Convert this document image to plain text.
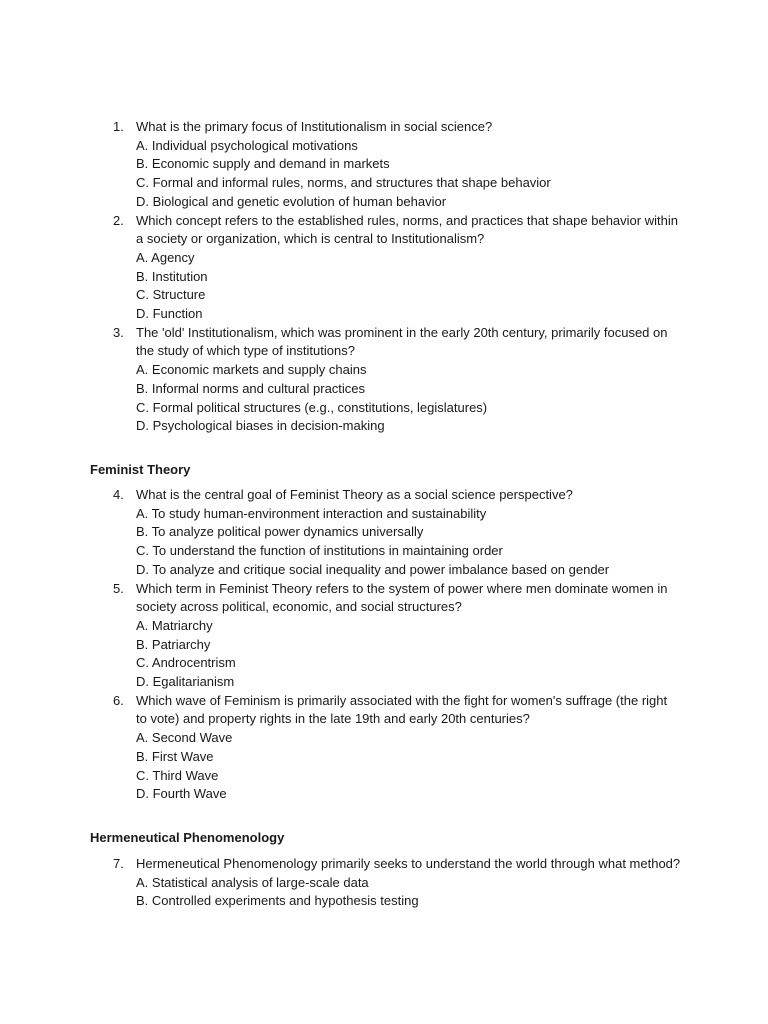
1. What is the primary focus of Institutionalism in social science?
A. Individual psychological motivations
B. Economic supply and demand in markets
C. Formal and informal rules, norms, and structures that shape behavior
D. Biological and genetic evolution of human behavior
2. Which concept refers to the established rules, norms, and practices that shape behavior within a society or organization, which is central to Institutionalism?
A. Agency
B. Institution
C. Structure
D. Function
3. The 'old' Institutionalism, which was prominent in the early 20th century, primarily focused on the study of which type of institutions?
A. Economic markets and supply chains
B. Informal norms and cultural practices
C. Formal political structures (e.g., constitutions, legislatures)
D. Psychological biases in decision-making
Feminist Theory
4. What is the central goal of Feminist Theory as a social science perspective?
A. To study human-environment interaction and sustainability
B. To analyze political power dynamics universally
C. To understand the function of institutions in maintaining order
D. To analyze and critique social inequality and power imbalance based on gender
5. Which term in Feminist Theory refers to the system of power where men dominate women in society across political, economic, and social structures?
A. Matriarchy
B. Patriarchy
C. Androcentrism
D. Egalitarianism
6. Which wave of Feminism is primarily associated with the fight for women's suffrage (the right to vote) and property rights in the late 19th and early 20th centuries?
A. Second Wave
B. First Wave
C. Third Wave
D. Fourth Wave
Hermeneutical Phenomenology
7. Hermeneutical Phenomenology primarily seeks to understand the world through what method?
A. Statistical analysis of large-scale data
B. Controlled experiments and hypothesis testing
